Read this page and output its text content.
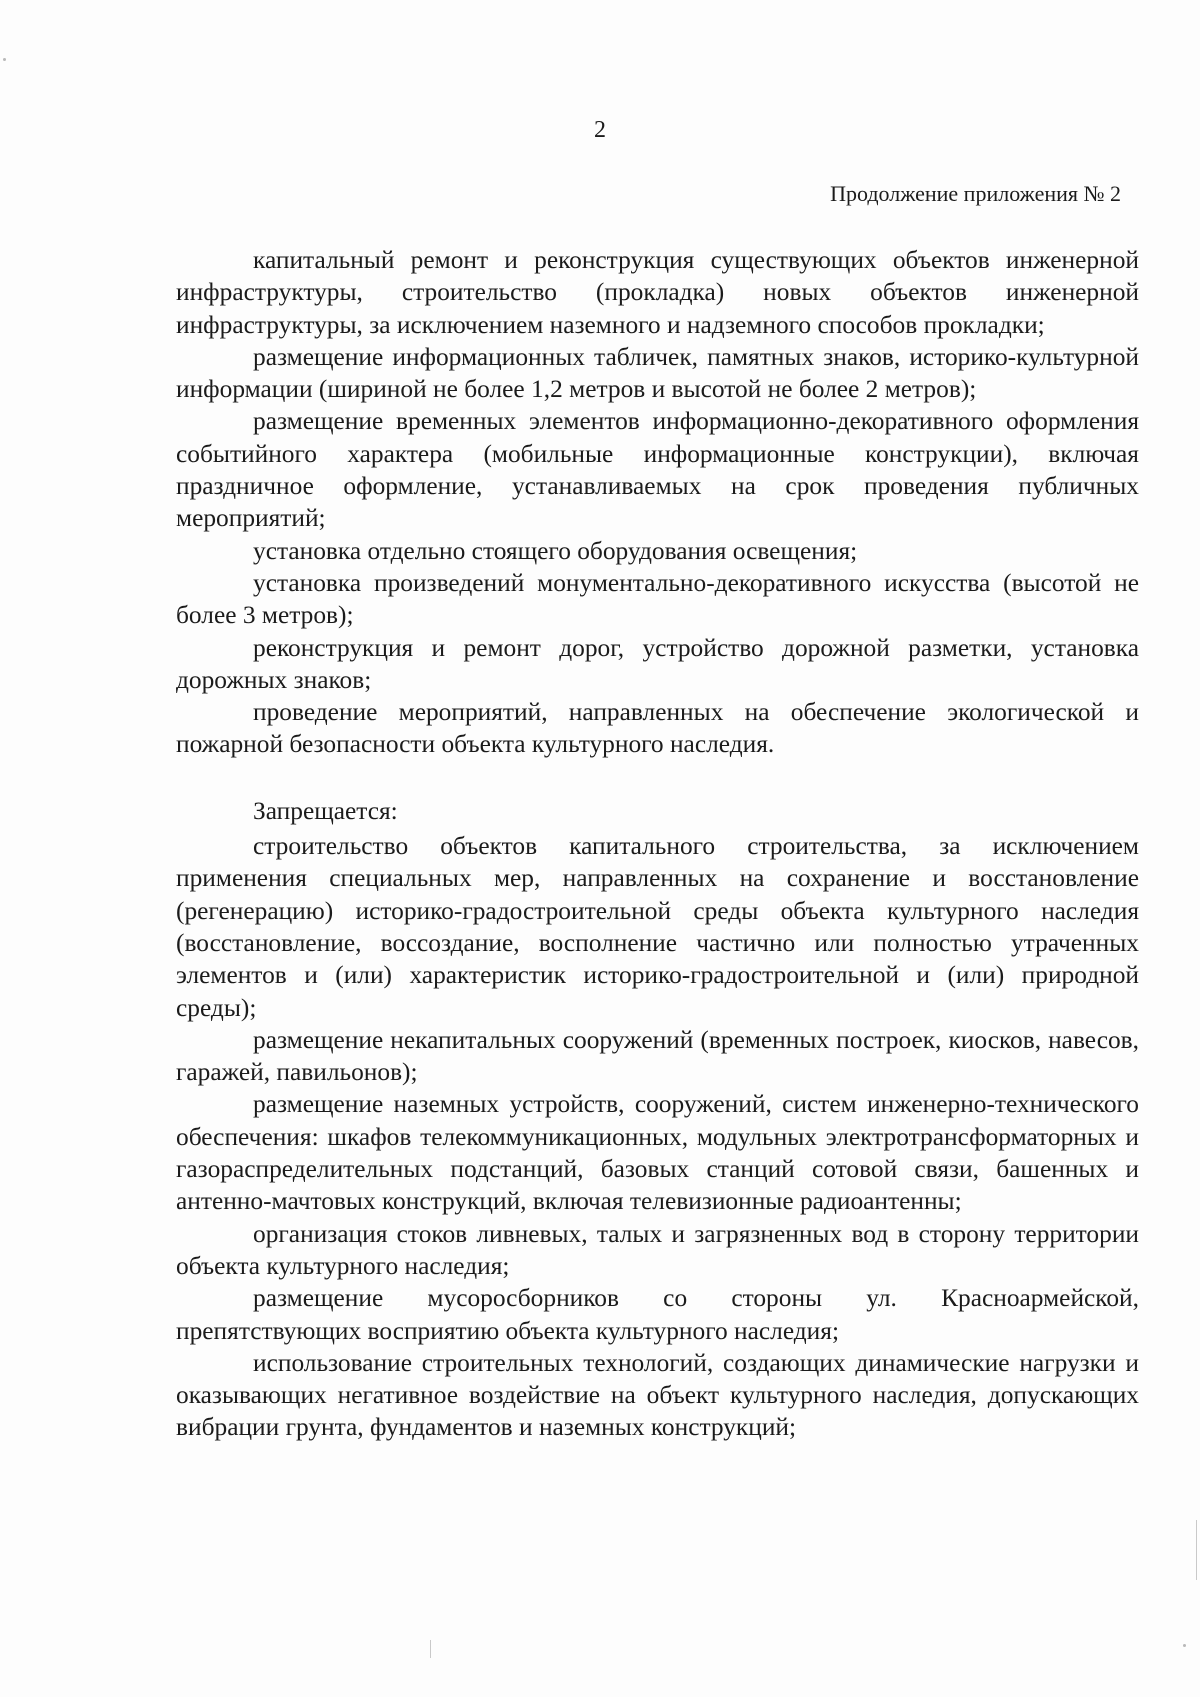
2
Продолжение приложения № 2

капитальный ремонт и реконструкция существующих объектов инженерной инфраструктуры, строительство (прокладка) новых объектов инженерной инфраструктуры, за исключением наземного и надземного способов прокладки;

размещение информационных табличек, памятных знаков, историко-культурной информации (шириной не более 1,2 метров и высотой не более 2 метров);

размещение временных элементов информационно-декоративного оформления событийного характера (мобильные информационные конструкции), включая праздничное оформление, устанавливаемых на срок проведения публичных мероприятий;

установка отдельно стоящего оборудования освещения;

установка произведений монументально-декоративного искусства (высотой не более 3 метров);

реконструкция и ремонт дорог, устройство дорожной разметки, установка дорожных знаков;

проведение мероприятий, направленных на обеспечение экологической и пожарной безопасности объекта культурного наследия.

Запрещается:

строительство объектов капитального строительства, за исключением применения специальных мер, направленных на сохранение и восстановление (регенерацию) историко-градостроительной среды объекта культурного наследия (восстановление, воссоздание, восполнение частично или полностью утраченных элементов и (или) характеристик историко-градостроительной и (или) природной среды);

размещение некапитальных сооружений (временных построек, киосков, навесов, гаражей, павильонов);

размещение наземных устройств, сооружений, систем инженерно-технического обеспечения: шкафов телекоммуникационных, модульных электротрансформаторных и газораспределительных подстанций, базовых станций сотовой связи, башенных и антенно-мачтовых конструкций, включая телевизионные радиоантенны;

организация стоков ливневых, талых и загрязненных вод в сторону территории объекта культурного наследия;

размещение мусоросборников со стороны ул. Красноармейской, препятствующих восприятию объекта культурного наследия;

использование строительных технологий, создающих динамические нагрузки и оказывающих негативное воздействие на объект культурного наследия, допускающих вибрации грунта, фундаментов и наземных конструкций;
